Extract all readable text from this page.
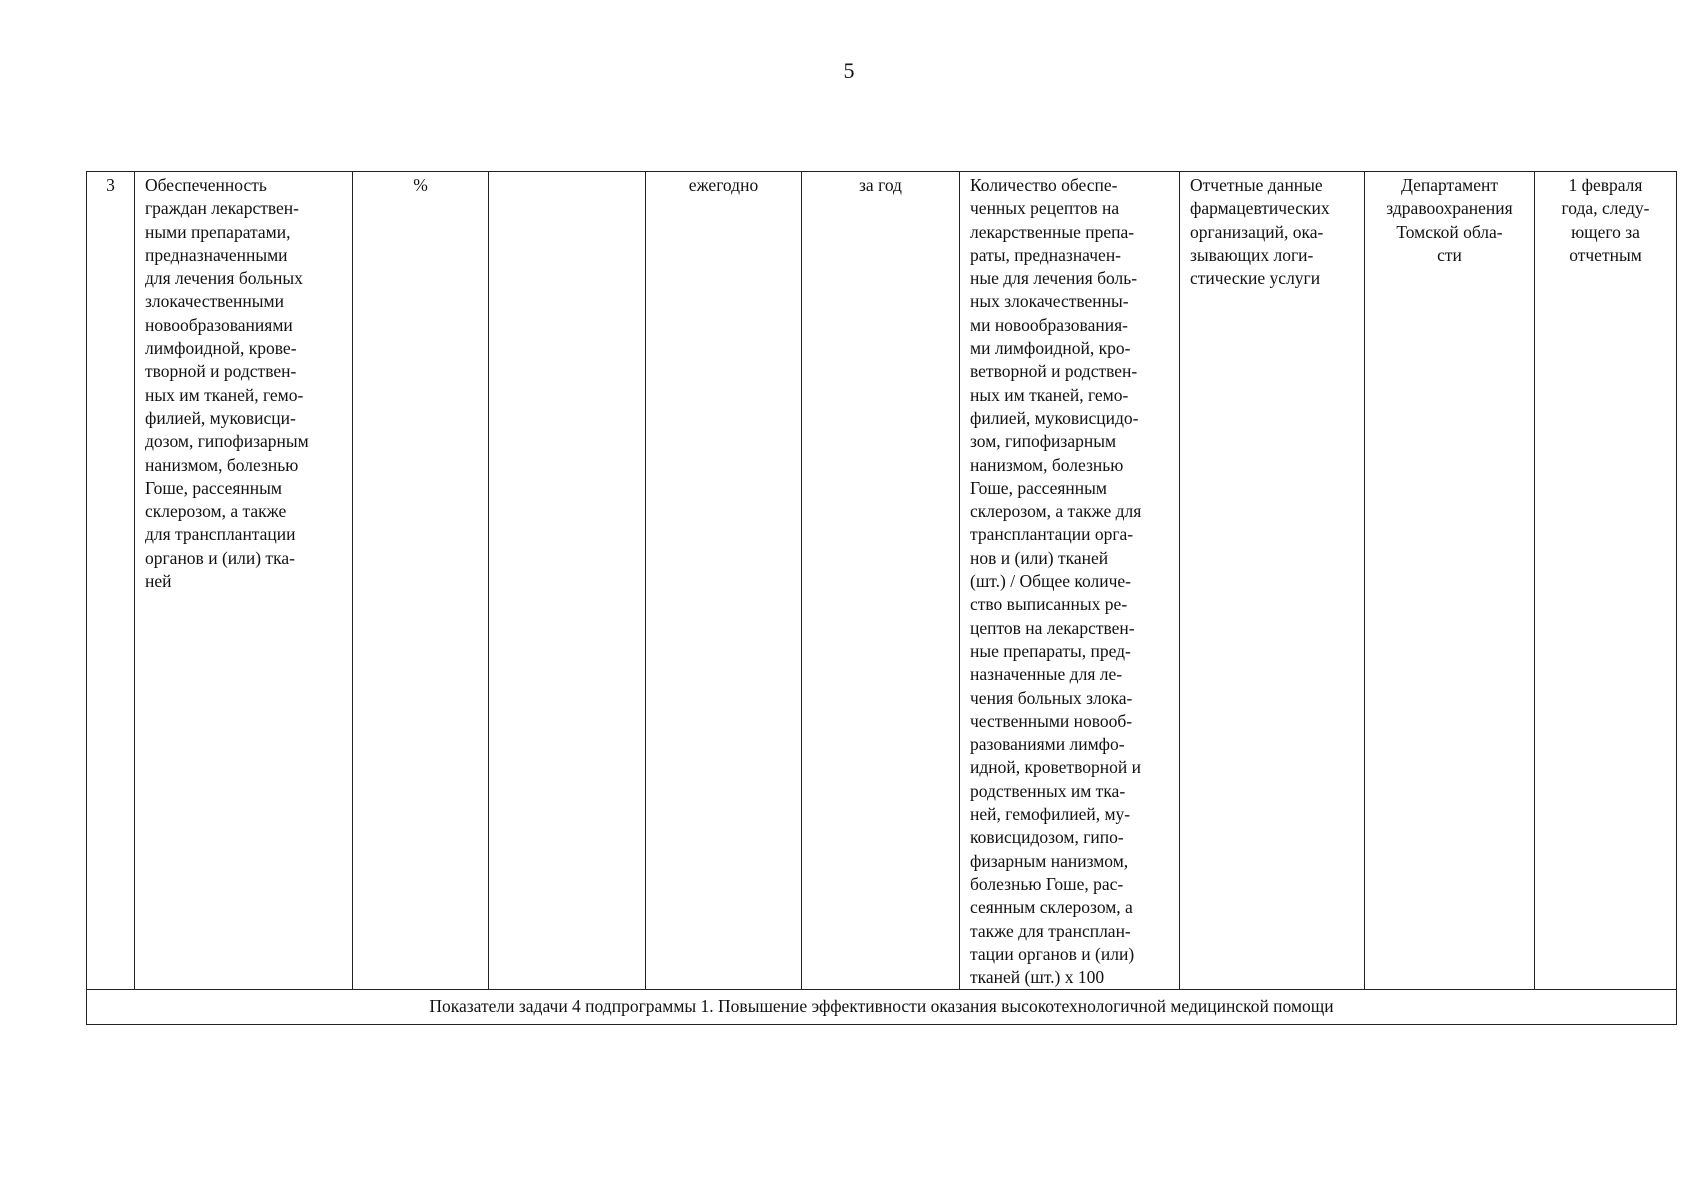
5
3	Обеспеченность
граждан лекарствен-
ными препаратами,
предназначенными
для лечения больных
злокачественными
новообразованиями
лимфоидной, крове-
творной и родствен-
ных им тканей, гемо-
филией, муковисци-
дозом, гипофизарным
нанизмом, болезнью
Гоше, рассеянным
склерозом, а также
для трансплантации
органов и (или) тка-
ней	%		ежегодно	за год	Количество обеспе-
ченных рецептов на
лекарственные препа-
раты, предназначен-
ные для лечения боль-
ных злокачественны-
ми новообразования-
ми лимфоидной, кро-
ветворной и родствен-
ных им тканей, гемо-
филией, муковисцидо-
зом, гипофизарным
нанизмом, болезнью
Гоше, рассеянным
склерозом, а также для
трансплантации орга-
нов и (или) тканей
(шт.) / Общее количе-
ство выписанных ре-
цептов на лекарствен-
ные препараты, пред-
назначенные для ле-
чения больных злока-
чественными новооб-
разованиями лимфо-
идной, кроветворной и
родственных им тка-
ней, гемофилией, му-
ковисцидозом, гипо-
физарным нанизмом,
болезнью Гоше, рас-
сеянным склерозом, а
также для трансплан-
тации органов и (или)
тканей (шт.) x 100	Отчетные данные
фармацевтических
организаций, ока-
зывающих логи-
стические услуги	Департамент
здравоохранения
Томской обла-
сти	1 февраля
года, следу-
ющего за
отчетным
Показатели задачи 4 подпрограммы 1. Повышение эффективности оказания высокотехнологичной медицинской помощи
